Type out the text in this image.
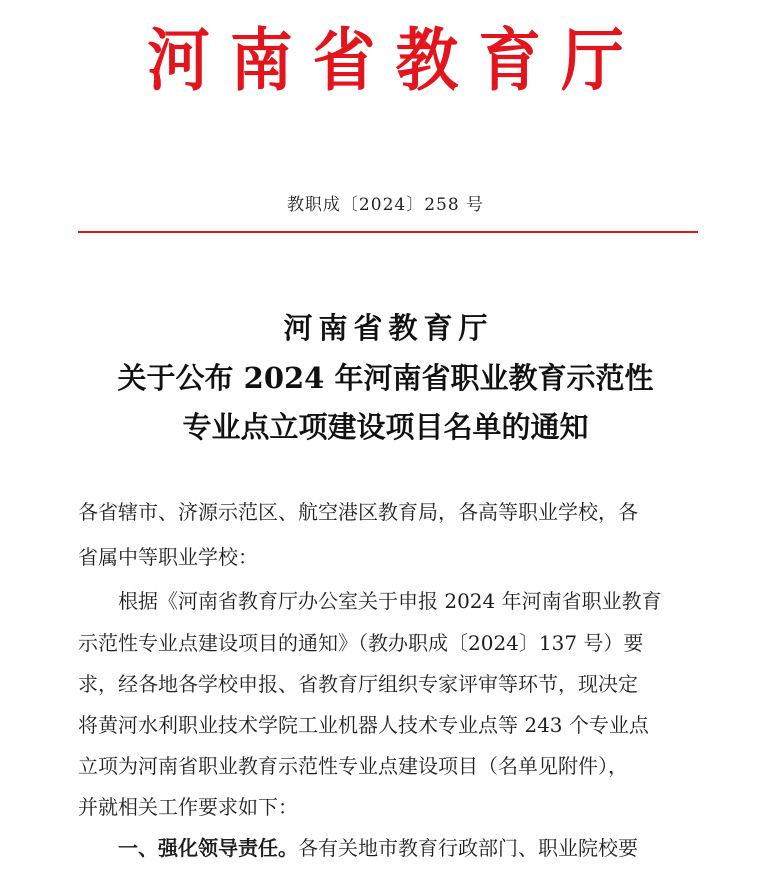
河南省教育厅
教职成〔2024〕258 号
河南省教育厅
关于公布 2024 年河南省职业教育示范性
专业点立项建设项目名单的通知
各省辖市、济源示范区、航空港区教育局，各高等职业学校，各
省属中等职业学校：
根据《河南省教育厅办公室关于申报 2024 年河南省职业教育
示范性专业点建设项目的通知》（教办职成〔2024〕137 号）要
求，经各地各学校申报、省教育厅组织专家评审等环节，现决定
将黄河水利职业技术学院工业机器人技术专业点等 243 个专业点
立项为河南省职业教育示范性专业点建设项目（名单见附件），
并就相关工作要求如下：
一、强化领导责任。各有关地市教育行政部门、职业院校要
